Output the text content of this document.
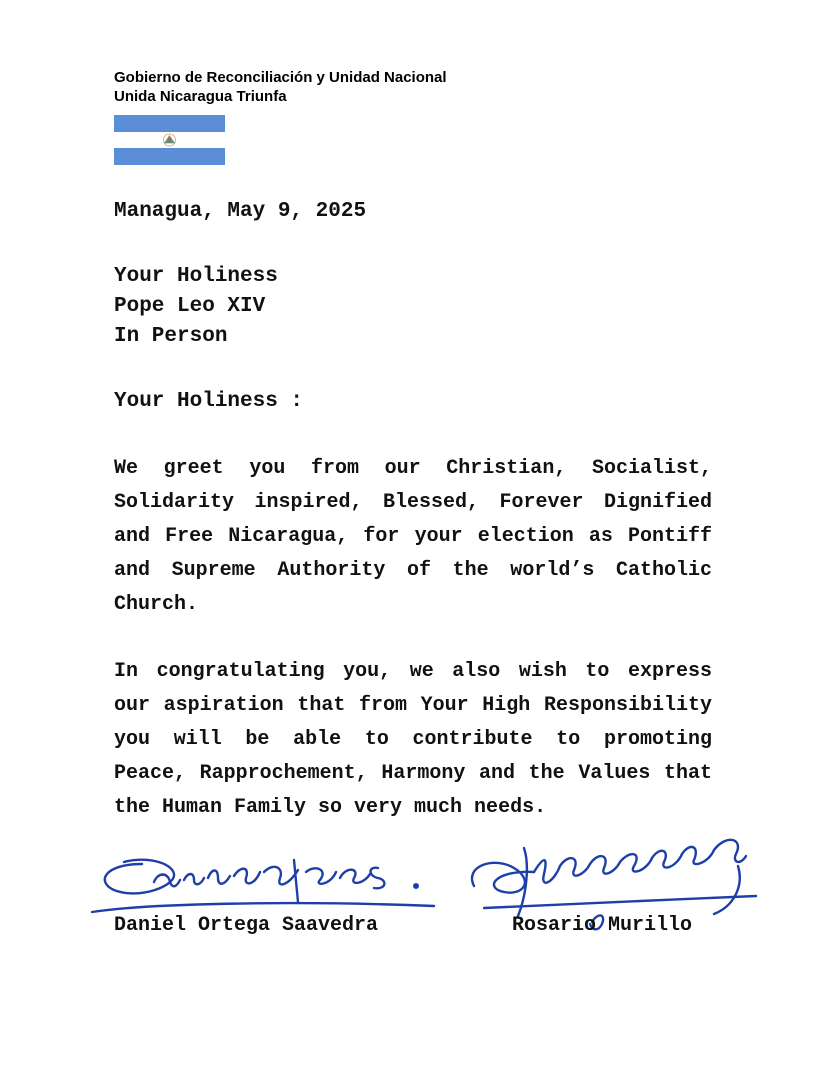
Gobierno de Reconciliación y Unidad Nacional
Unida Nicaragua Triunfa
Managua, May 9, 2025
Your Holiness
Pope Leo XIV
In Person
Your Holiness :
We greet you from our Christian, Socialist, Solidarity inspired, Blessed, Forever Dignified and Free Nicaragua, for your election as Pontiff and Supreme Authority of the world’s Catholic Church.
In congratulating you, we also wish to express our aspiration that from Your High Responsibility you will be able to contribute to promoting Peace, Rapprochement, Harmony and the Values that the Human Family so very much needs.
Daniel Ortega Saavedra	Rosario Murillo
